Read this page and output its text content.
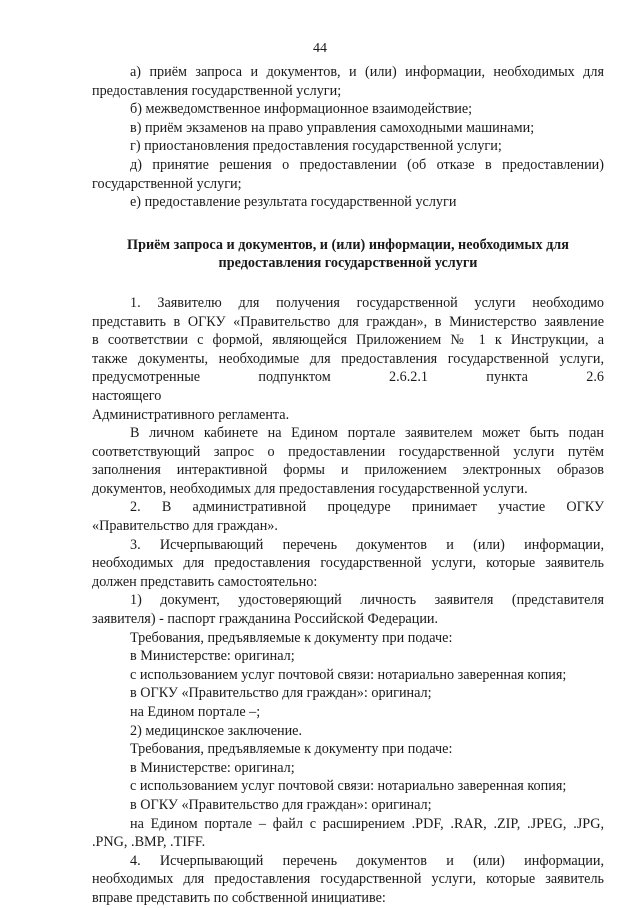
44

а) приём запроса и документов, и (или) информации, необходимых для

предоставления государственной услуги;

б) межведомственное информационное взаимодействие;

в) приём экзаменов на право управления самоходными машинами;

г) приостановления предоставления государственной услуги;

д) принятие решения о предоставлении (об отказе в предоставлении)

государственной услуги;

е) предоставление результата государственной услуги

Приём запроса и документов, и (или) информации, необходимых для
предоставления государственной услуги

1. Заявителю для получения государственной услуги необходимо

представить в ОГКУ «Правительство для граждан», в Министерство заявление

в соответствии с формой, являющейся Приложением № 1 к Инструкции, а

также документы, необходимые для предоставления государственной услуги,

предусмотренные подпунктом 2.6.2.1 пункта 2.6 настоящего

Административного регламента.

В личном кабинете на Едином портале заявителем может быть подан

соответствующий запрос о предоставлении государственной услуги путём

заполнения интерактивной формы и приложением электронных образов

документов, необходимых для предоставления государственной услуги.

2. В административной процедуре принимает участие ОГКУ

«Правительство для граждан».

3. Исчерпывающий перечень документов и (или) информации,

необходимых для предоставления государственной услуги, которые заявитель

должен представить самостоятельно:

1) документ, удостоверяющий личность заявителя (представителя

заявителя) - паспорт гражданина Российской Федерации.

Требования, предъявляемые к документу при подаче:

в Министерстве: оригинал;

с использованием услуг почтовой связи: нотариально заверенная копия;

в ОГКУ «Правительство для граждан»: оригинал;

на Едином портале –;

2) медицинское заключение.

Требования, предъявляемые к документу при подаче:

в Министерстве: оригинал;

с использованием услуг почтовой связи: нотариально заверенная копия;

в ОГКУ «Правительство для граждан»: оригинал;

на Едином портале – файл с расширением .PDF, .RAR, .ZIP, .JPEG, .JPG,

.PNG, .BMP, .TIFF.

4. Исчерпывающий перечень документов и (или) информации,

необходимых для предоставления государственной услуги, которые заявитель

вправе представить по собственной инициативе:
